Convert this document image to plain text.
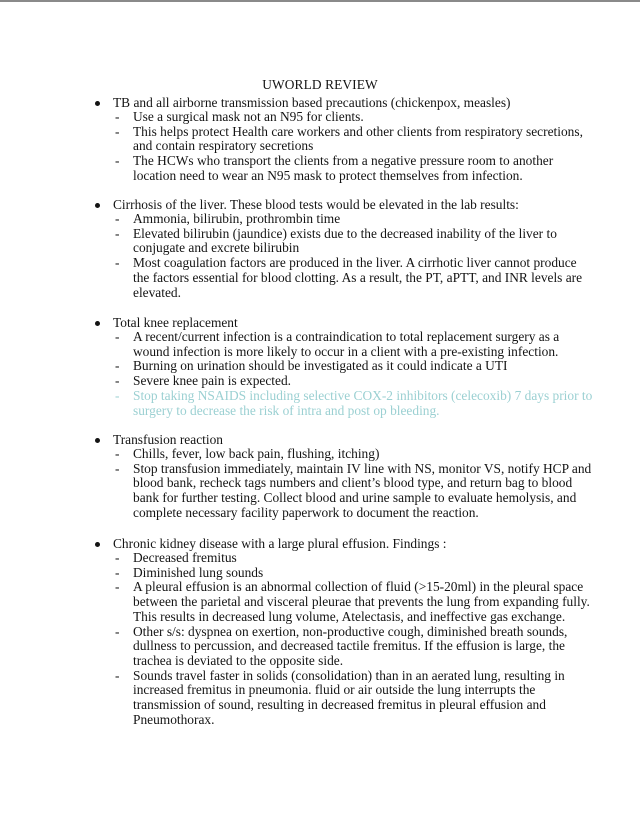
UWORLD REVIEW
TB and all airborne transmission based precautions (chickenpox, measles)
- Use a surgical mask not an N95 for clients.
- This helps protect Health care workers and other clients from respiratory secretions,
and contain respiratory secretions
- The HCWs who transport the clients from a negative pressure room to another
location need to wear an N95 mask to protect themselves from infection.
Cirrhosis of the liver. These blood tests would be elevated in the lab results:
- Ammonia, bilirubin, prothrombin time
- Elevated bilirubin (jaundice) exists due to the decreased inability of the liver to
conjugate and excrete bilirubin
- Most coagulation factors are produced in the liver. A cirrhotic liver cannot produce
the factors essential for blood clotting. As a result, the PT, aPTT, and INR levels are
elevated.
Total knee replacement
- A recent/current infection is a contraindication to total replacement surgery as a
wound infection is more likely to occur in a client with a pre-existing infection.
- Burning on urination should be investigated as it could indicate a UTI
- Severe knee pain is expected.
- Stop taking NSAIDS including selective COX-2 inhibitors (celecoxib) 7 days prior to
surgery to decrease the risk of intra and post op bleeding.
Transfusion reaction
- Chills, fever, low back pain, flushing, itching)
- Stop transfusion immediately, maintain IV line with NS, monitor VS, notify HCP and
blood bank, recheck tags numbers and client’s blood type, and return bag to blood
bank for further testing. Collect blood and urine sample to evaluate hemolysis, and
complete necessary facility paperwork to document the reaction.
Chronic kidney disease with a large plural effusion. Findings :
- Decreased fremitus
- Diminished lung sounds
- A pleural effusion is an abnormal collection of fluid (>15-20ml) in the pleural space
between the parietal and visceral pleurae that prevents the lung from expanding fully.
This results in decreased lung volume, Atelectasis, and ineffective gas exchange.
- Other s/s: dyspnea on exertion, non-productive cough, diminished breath sounds,
dullness to percussion, and decreased tactile fremitus. If the effusion is large, the
trachea is deviated to the opposite side.
- Sounds travel faster in solids (consolidation) than in an aerated lung, resulting in
increased fremitus in pneumonia. fluid or air outside the lung interrupts the
transmission of sound, resulting in decreased fremitus in pleural effusion and
Pneumothorax.
